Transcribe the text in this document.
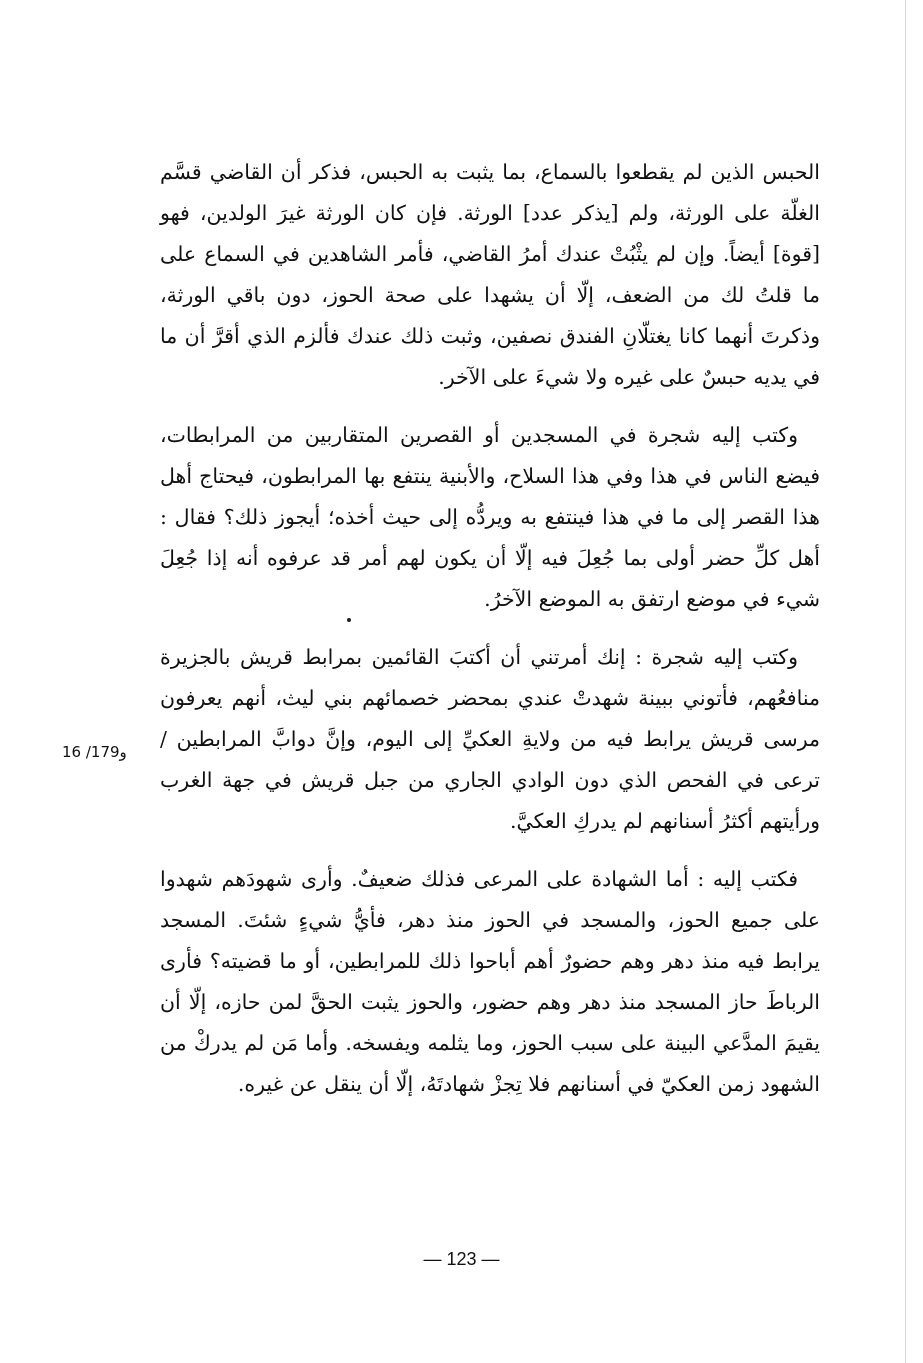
الحبس الذين لم يقطعوا بالسماع، بما يثبت به الحبس، فذكر أن القاضي قسَّم الغلّة على الورثة، ولم [يذكر عدد] الورثة. فإن كان الورثة غيرَ الولدين، فهو [قوة] أيضاً. وإن لم يثْبُتْ عندك أمرُ القاضي، فأمر الشاهدين في السماع على ما قلتُ لك من الضعف، إلّا أن يشهدا على صحة الحوز، دون باقي الورثة، وذكرتَ أنهما كانا يغتلّانِ الفندق نصفين، وثبت ذلك عندك فألزم الذي أقرَّ أن ما في يديه حبسٌ على غيره ولا شيءَ على الآخر.

وكتب إليه شجرة في المسجدين أو القصرين المتقاربين من المرابطات، فيضع الناس في هذا وفي هذا السلاح، والأبنية ينتفع بها المرابطون، فيحتاج أهل هذا القصر إلى ما في هذا فينتفع به ويردُّه إلى حيث أخذه؛ أيجوز ذلك؟ فقال : أهل كلِّ حضر أولى بما جُعِلَ فيه إلّا أن يكون لهم أمر قد عرفوه أنه إذا جُعِلَ شيء في موضع ارتفق به الموضع الآخرُ.

وكتب إليه شجرة : إنك أمرتني أن أكتبَ القائمين بمرابط قريش بالجزيرة منافعُهم، فأتوني ببينة شهدتْ عندي بمحضر خصمائهم بني ليث، أنهم يعرفون مرسى قريش يرابط فيه من ولايةِ العكيِّ إلى اليوم، وإنَّ دوابَّ المرابطين / ترعى في الفحص الذي دون الوادي الجاري من جبل قريش في جهة الغرب ورأيتهم أكثرُ أسنانهم لم يدركِ العكيَّ.

فكتب إليه : أما الشهادة على المرعى فذلك ضعيفٌ. وأرى شهودَهم شهدوا على جميع الحوز، والمسجد في الحوز منذ دهر، فأيُّ شيءٍ شئتَ. المسجد يرابط فيه منذ دهر وهم حضورٌ أهم أباحوا ذلك للمرابطين، أو ما قضيته؟ فأرى الرباطَ حاز المسجد منذ دهر وهم حضور، والحوز يثبت الحقَّ لمن حازه، إلّا أن يقيمَ المدَّعي البينة على سبب الحوز، وما يثلمه ويفسخه. وأما مَن لم يدركْ من الشهود زمن العكيّ في أسنانهم فلا تِجزْ شهادتَهُ، إلّا أن ينقل عن غيره.

16 /179و
— 123 —
